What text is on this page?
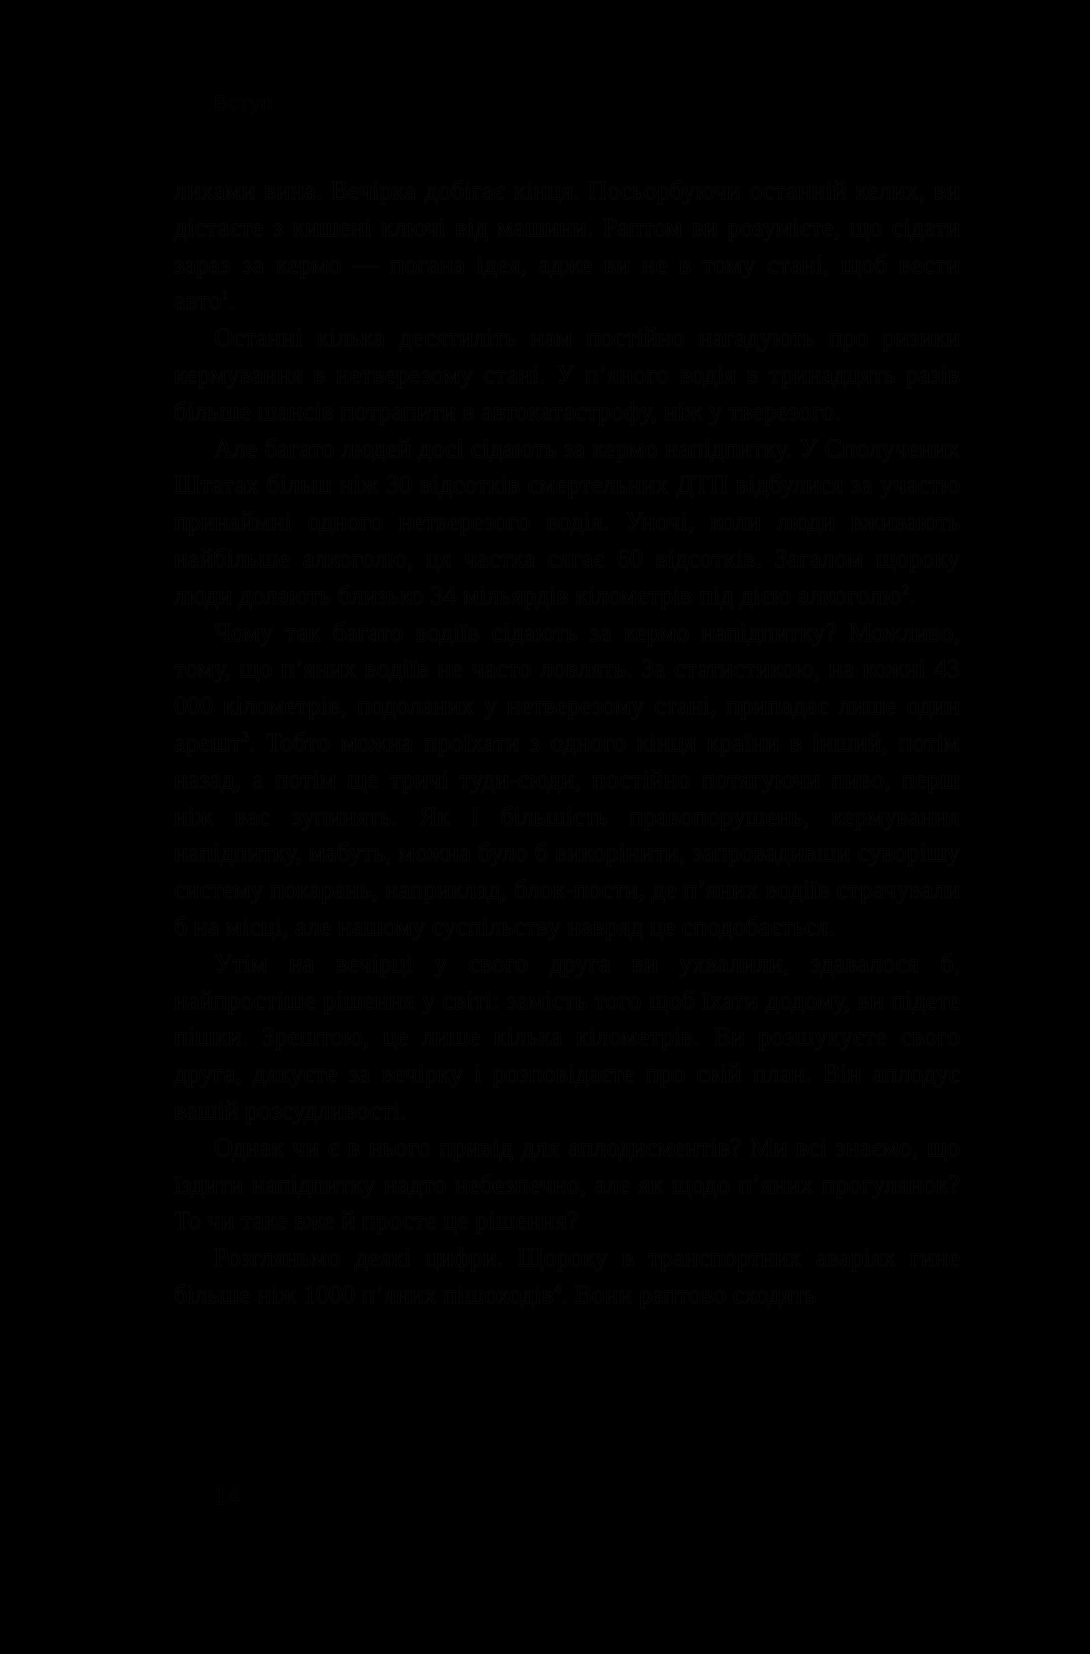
Вступ

лихами вина. Вечірка добігає кінця. Посьорбуючи останній келих, ви дістаєте з кишені ключі від машини. Раптом ви розумієте, що сідати зараз за кермо — погана ідея, адже ви не в тому стані, щоб вести авто$^1$.

Останні кілька десятиліть нам постійно нагадують про ризики кермування в нетверезому стані. У п’яного водія в тринадцять разів більше шансів потрапити в автокатастрофу, ніж у тверезого.

Але багато людей досі сідають за кермо напідпитку. У Сполучених Штатах більш ніж 30 відсотків смертельних ДТП відбулися за участю принаймні одного нетверезого водія. Уночі, коли люди вживають найбільше алкоголю, ця частка сягає 60 відсотків. Загалом щороку люди долають близько 34 мільярдів кілометрів під дією алкоголю$^2$.

Чому так багато водіїв сідають за кермо напідпитку? Можливо, тому, що п’яних водіїв не часто ловлять. За статистикою, на кожні 43 000 кілометрів, подоланих у нетверезому стані, припадає лише один арешт$^3$. Тобто можна проїхати з одного кінця країни в інший, потім назад, а потім ще тричі туди-сюди, постійно потягуючи пиво, перш ніж вас зупинять. Як і більшість правопорушень, кермування напідпитку, мабуть, можна було б викорінити, запровадивши суворішу систему покарань, наприклад, блок-пости, де п’яних водіїв страчували б на місці, але нашому суспільству навряд це сподобається.

Утім на вечірці у свого друга ви ухвалили, здавалося б, найпростіше рішення у світі: замість того щоб їхати додому, ви підете пішки. Зрештою, це лише кілька кілометрів. Ви розшукуєте свого друга, дякуєте за вечірку і розповідаєте про свій план. Він аплодує вашій розсудливості.

Однак чи є в нього привід для аплодисментів? Ми всі знаємо, що їздити напідпитку надто небезпечно, але як щодо п’яних прогулянок? То чи таке вже й просте це рішення?

Розгляньмо деякі цифри. Щороку в транспортних аваріях гине більше ніж 1000 п’яних пішоходів$^4$. Вони раптово сходять

14
